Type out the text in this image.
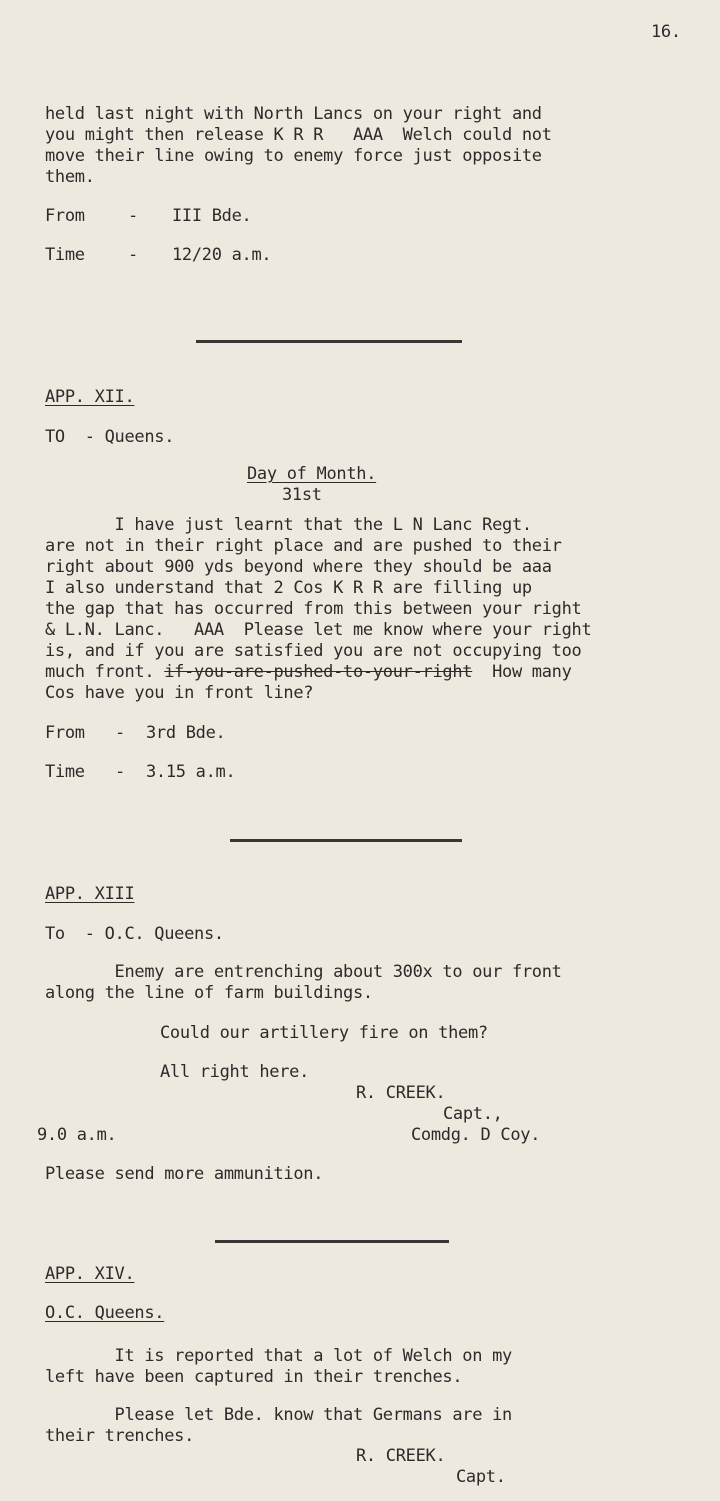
16.
held last night with North Lancs on your right and
you might then release K R R   AAA  Welch could not
move their line owing to enemy force just opposite
them.
From	- III Bde.
Time	- 12/20 a.m.
APP. XII.
TO  - Queens.
Day of Month.
31st
I have just learnt that the L N Lanc Regt.
are not in their right place and are pushed to their
right about 900 yds beyond where they should be aaa
I also understand that 2 Cos K R R are filling up
the gap that has occurred from this between your right
& L.N. Lanc.   AAA  Please let me know where your right
is, and if you are satisfied you are not occupying too
much front. if-you-are-pushed-to-your-right  How many
Cos have you in front line?
From - 3rd Bde.
Time - 3.15 a.m.
APP. XIII
To  - O.C. Queens.
Enemy are entrenching about 300x to our front
along the line of farm buildings.
Could our artillery fire on them?
All right here.
R. CREEK.
Capt.,
9.0 a.m.	Comdg. D Coy.
Please send more ammunition.
APP. XIV.
O.C. Queens.
It is reported that a lot of Welch on my
left have been captured in their trenches.
Please let Bde. know that Germans are in
their trenches.
R. CREEK.
Capt.
